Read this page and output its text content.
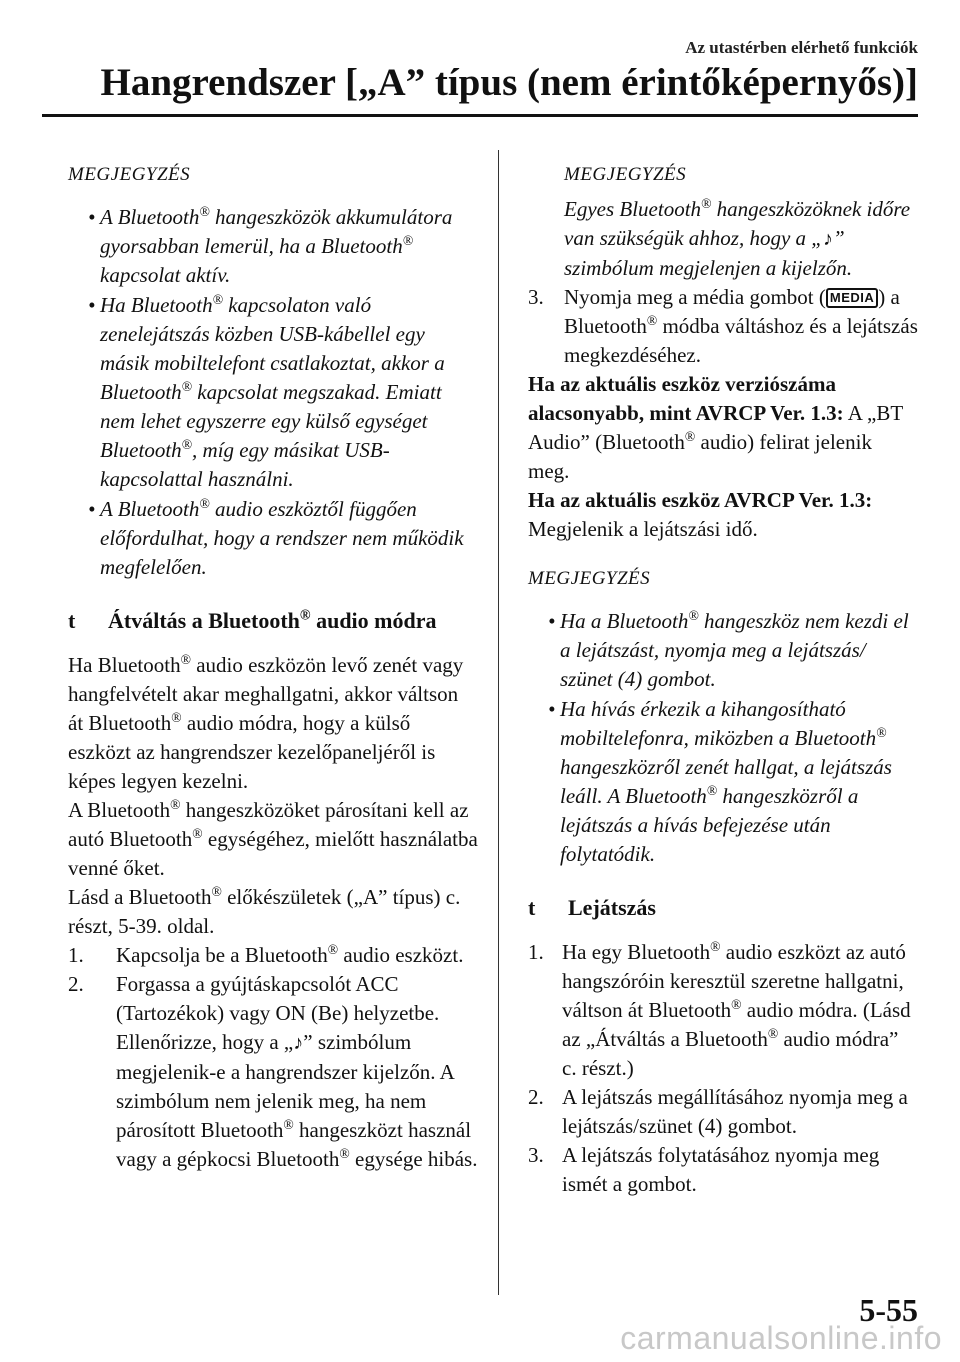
Az utastérben elérhető funkciók
Hangrendszer [„A” típus (nem érintőképernyős)]

MEGJEGYZÉS

• A Bluetooth® hangeszközök akkumulátora gyorsabban lemerül, ha a Bluetooth® kapcsolat aktív.
• Ha Bluetooth® kapcsolaton való zenelejátszás közben USB-kábellel egy másik mobiltelefont csatlakoztat, akkor a Bluetooth® kapcsolat megszakad. Emiatt nem lehet egyszerre egy külső egységet Bluetooth®, míg egy másikat USB-kapcsolattal használni.
• A Bluetooth® audio eszköztől függően előfordulhat, hogy a rendszer nem működik megfelelően.
t Átváltás a Bluetooth® audio módra

Ha Bluetooth® audio eszközön levő zenét vagy hangfelvételt akar meghallgatni, akkor váltson át Bluetooth® audio módra, hogy a külső eszközt az hangrendszer kezelőpaneljéről is képes legyen kezelni.

A Bluetooth® hangeszközöket párosítani kell az autó Bluetooth® egységéhez, mielőtt használatba venné őket.

Lásd a Bluetooth® előkészületek („A” típus) c. részt, 5-39. oldal.

1. Kapcsolja be a Bluetooth® audio eszközt.
2. Forgassa a gyújtáskapcsolót ACC (Tartozékok) vagy ON (Be) helyzetbe. Ellenőrizze, hogy a „♪” szimbólum megjelenik-e a hangrendszer kijelzőn. A szimbólum nem jelenik meg, ha nem párosított Bluetooth® hangeszközt használ vagy a gépkocsi Bluetooth® egysége hibás.

MEGJEGYZÉS

Egyes Bluetooth® hangeszközöknek időre van szükségük ahhoz, hogy a „♪” szimbólum megjelenjen a kijelzőn.

3. Nyomja meg a média gombot ( MEDIA ) a Bluetooth® módba váltáshoz és a lejátszás megkezdéséhez.

Ha az aktuális eszköz verziószáma alacsonyabb, mint AVRCP Ver. 1.3: A „BT Audio” (Bluetooth® audio) felirat jelenik meg.

Ha az aktuális eszköz AVRCP Ver. 1.3:
Megjelenik a lejátszási idő.

MEGJEGYZÉS

• Ha a Bluetooth® hangeszköz nem kezdi el a lejátszást, nyomja meg a lejátszás/ szünet (4) gombot.
• Ha hívás érkezik a kihangosítható mobiltelefonra, miközben a Bluetooth® hangeszközről zenét hallgat, a lejátszás leáll. A Bluetooth® hangeszközről a lejátszás a hívás befejezése után folytatódik.
t Lejátszás
1. Ha egy Bluetooth® audio eszközt az autó hangszóróin keresztül szeretne hallgatni, váltson át Bluetooth® audio módra. (Lásd az „Átváltás a Bluetooth® audio módra” c. részt.)
2. A lejátszás megállításához nyomja meg a lejátszás/szünet (4) gombot.
3. A lejátszás folytatásához nyomja meg ismét a gombot.
5-55
carmanualsonline.info
